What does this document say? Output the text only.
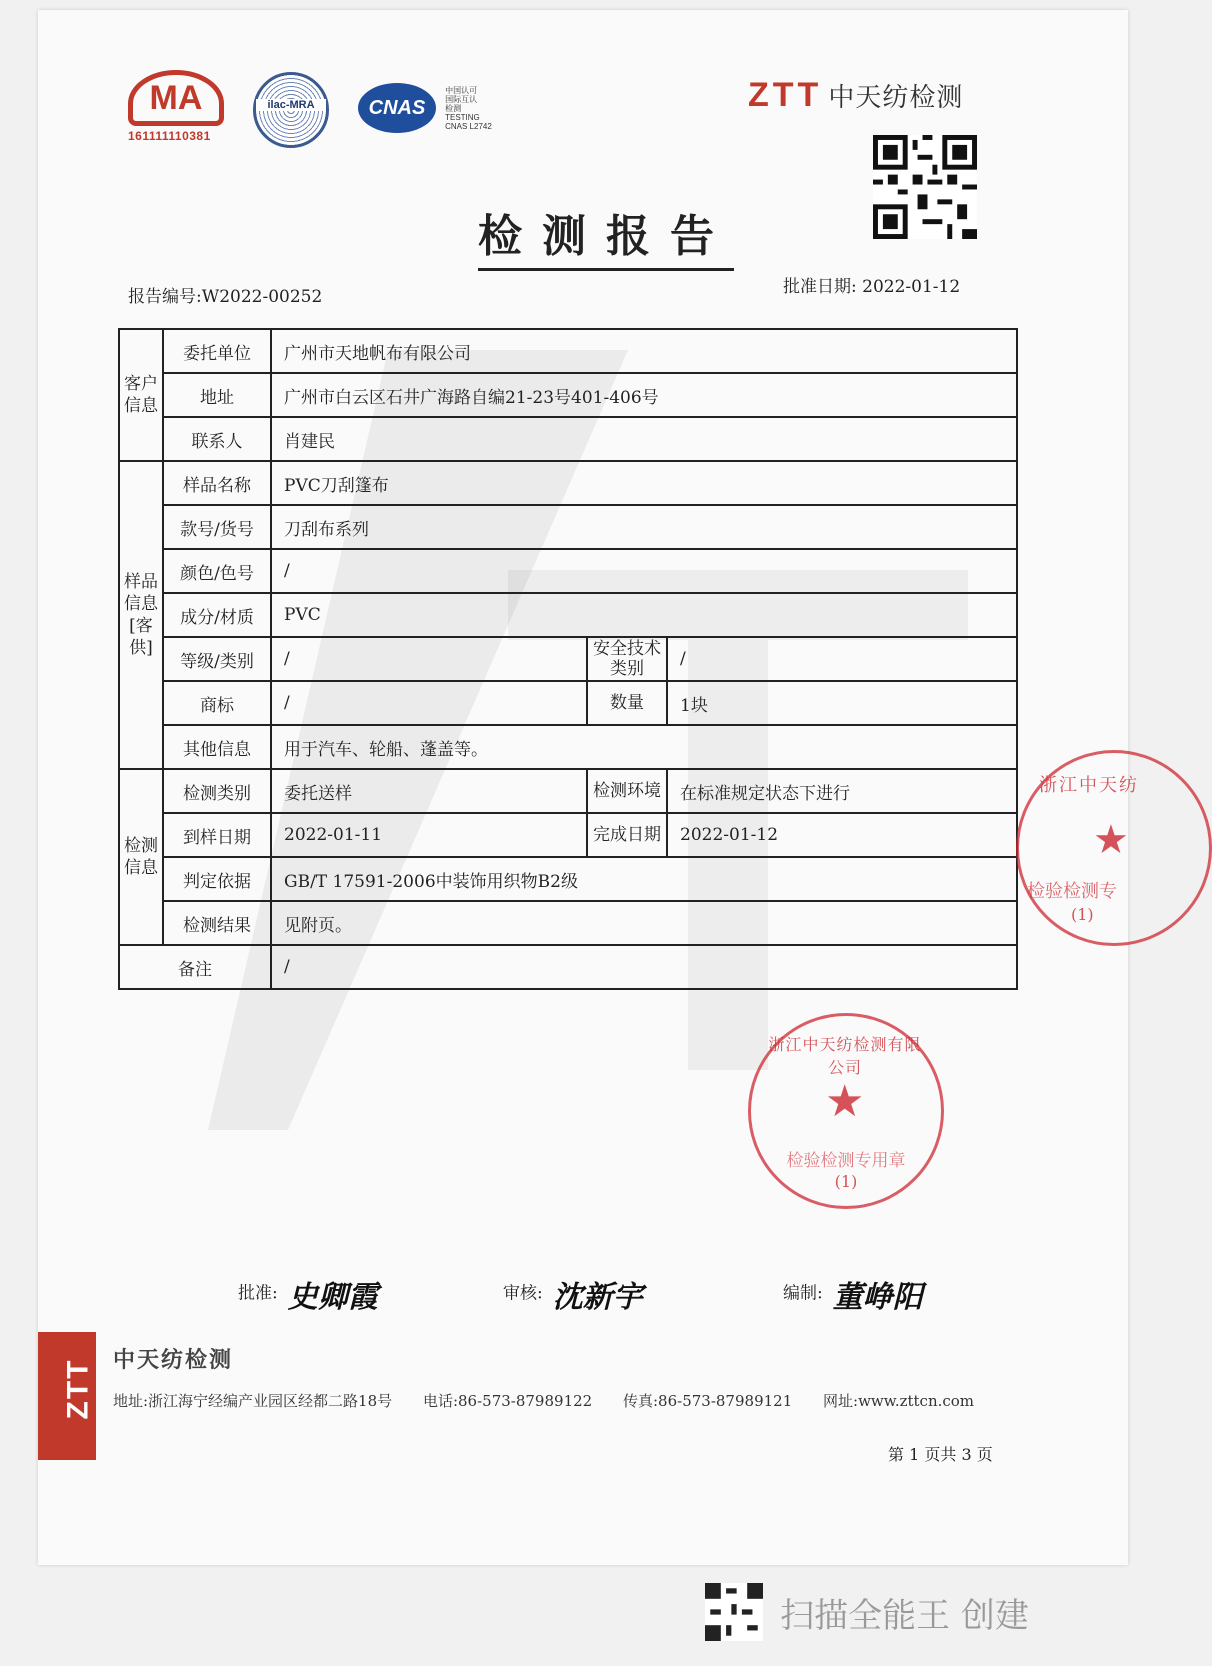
MA
161111110381
ilac-MRA	CNAS 中国认可
国际互认
检测
TESTING
CNAS L2742
ZTT 中天纺检测
检测报告
报告编号:W2022-00252	批准日期: 2022-01-12
客户信息	委托单位	广州市天地帆布有限公司		
	地址	广州市白云区石井广海路自编21-23号401-406号		
	联系人	肖建民		
样品信息[客供]	样品名称	PVC刀刮篷布		
	款号/货号	刀刮布系列		
	颜色/色号	/		
	成分/材质	PVC		
	等级/类别	/	安全技术类别	/
	商标	/	数量	1块
	其他信息	用于汽车、轮船、蓬盖等。		
检测信息	检测类别	委托送样	检测环境	在标准规定状态下进行
	到样日期	2022-01-11	完成日期	2022-01-12
	判定依据	GB/T 17591-2006中装饰用织物B2级		
	检测结果	见附页。		
备注		/		
浙江中天纺检测有限公司
★
检验检测专用章
(1)
浙江中天纺
★
检验检测专
(1)
批准: 史卿霞	审核: 沈新宇	编制: 董峥阳
ZTT 中天纺检测
地址:浙江海宁经编产业园区经都二路18号 电话:86-573-87989122 传真:86-573-87989121 网址:www.zttcn.com
第 1 页共 3 页
扫描全能王 创建
